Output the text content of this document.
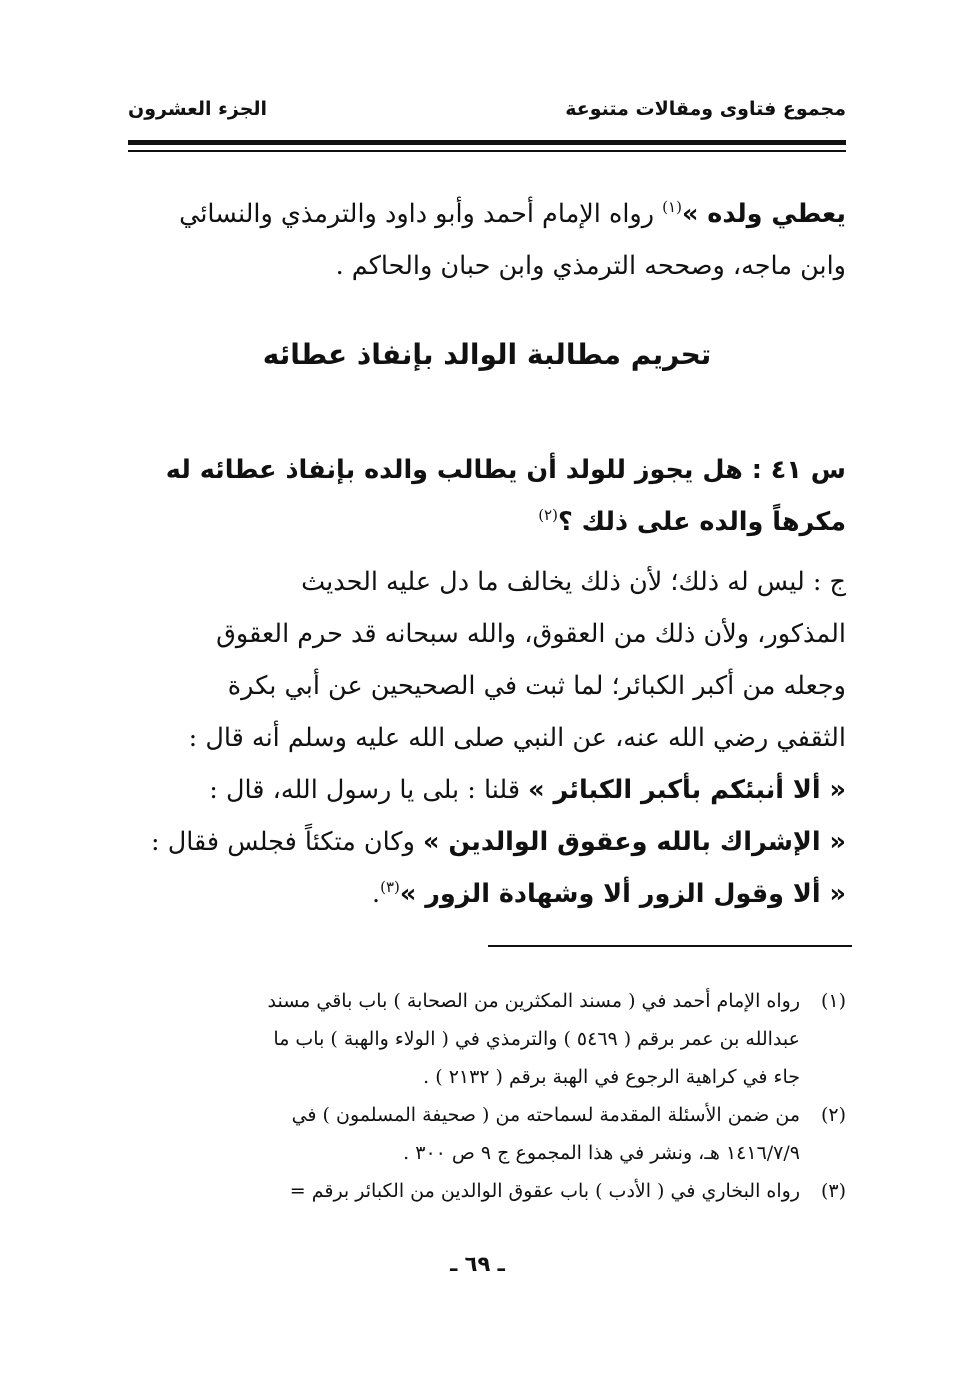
مجموع فتاوى ومقالات متنوعة
الجزء العشرون
يعطي ولده »$^{(١)}$ رواه الإمام أحمد وأبو داود والترمذي والنسائي
وابن ماجه، وصححه الترمذي وابن حبان والحاكم .
تحريم مطالبة الوالد بإنفاذ عطائه
س ٤١ : هل يجوز للولد أن يطالب والده بإنفاذ عطائه له
مكرهاً والده على ذلك ؟$^{(٢)}$
ج : ليس له ذلك؛ لأن ذلك يخالف ما دل عليه الحديث
المذكور، ولأن ذلك من العقوق، والله سبحانه قد حرم العقوق
وجعله من أكبر الكبائر؛ لما ثبت في الصحيحين عن أبي بكرة
الثقفي رضي الله عنه، عن النبي صلى الله عليه وسلم أنه قال :
« ألا أنبئكم بأكبر الكبائر » قلنا : بلى يا رسول الله، قال :
« الإشراك بالله وعقوق الوالدين » وكان متكئاً فجلس فقال :
« ألا وقول الزور ألا وشهادة الزور »$^{(٣)}$.
(١)
رواه الإمام أحمد في ( مسند المكثرين من الصحابة ) باب باقي مسند
عبدالله بن عمر برقم ( ٥٤٦٩ ) والترمذي في ( الولاء والهبة ) باب ما
جاء في كراهية الرجوع في الهبة برقم ( ٢١٣٢ ) .
(٢)
من ضمن الأسئلة المقدمة لسماحته من ( صحيفة المسلمون ) في
١٤١٦/٧/٩ هـ، ونشر في هذا المجموع ج ٩ ص ٣٠٠ .
(٣)
رواه البخاري في ( الأدب ) باب عقوق الوالدين من الكبائر برقم =
ـ ٦٩ ـ
